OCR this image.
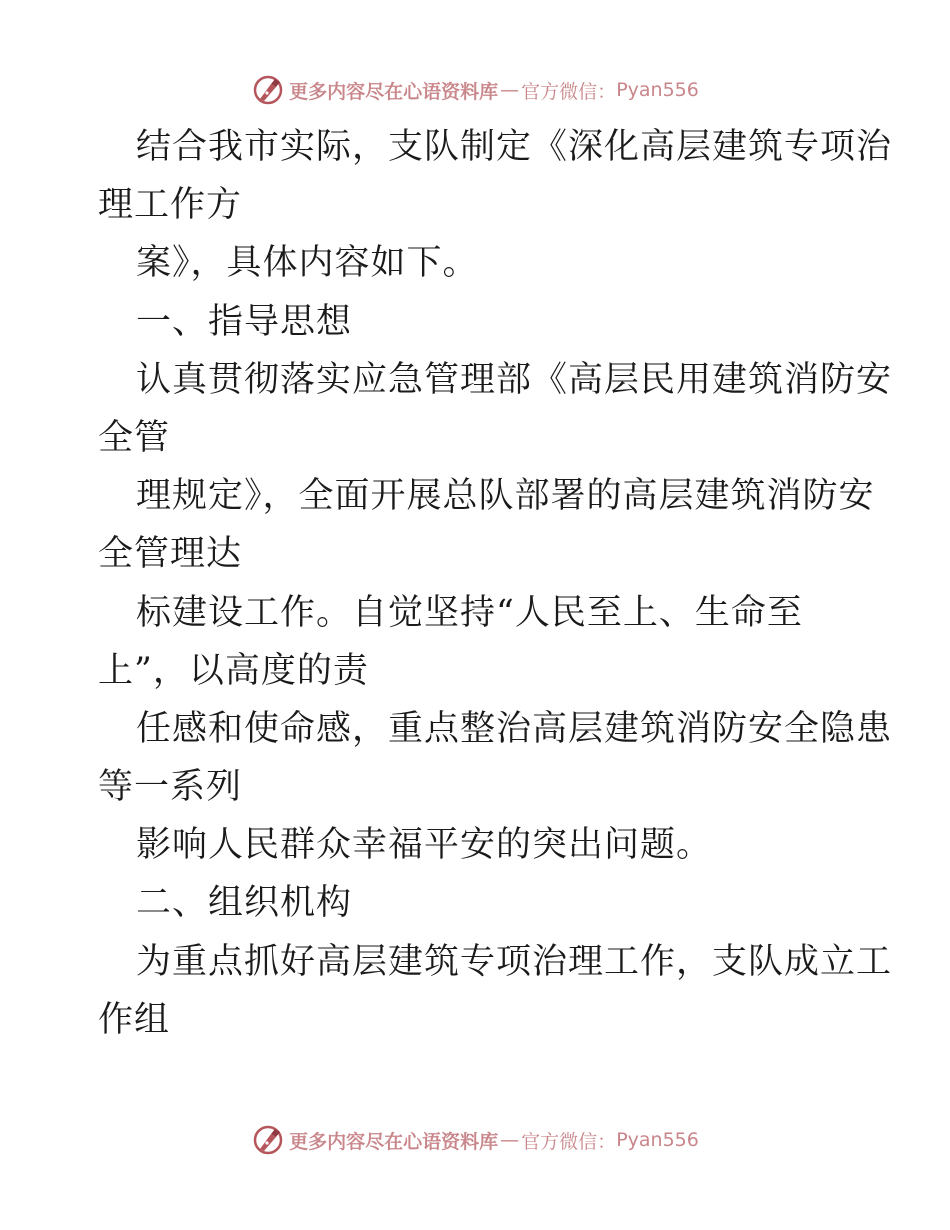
更多内容尽在心语资料库 — 官方微信： Pyan556
结合我市实际，支队制定《深化高层建筑专项治
理工作方
案》，具体内容如下。
一、指导思想
认真贯彻落实应急管理部《高层民用建筑消防安
全管
理规定》，全面开展总队部署的高层建筑消防安
全管理达
标建设工作。自觉坚持“人民至上、生命至
上”，以高度的责
任感和使命感，重点整治高层建筑消防安全隐患
等一系列
影响人民群众幸福平安的突出问题。
二、组织机构
为重点抓好高层建筑专项治理工作，支队成立工
作组
更多内容尽在心语资料库 — 官方微信： Pyan556
